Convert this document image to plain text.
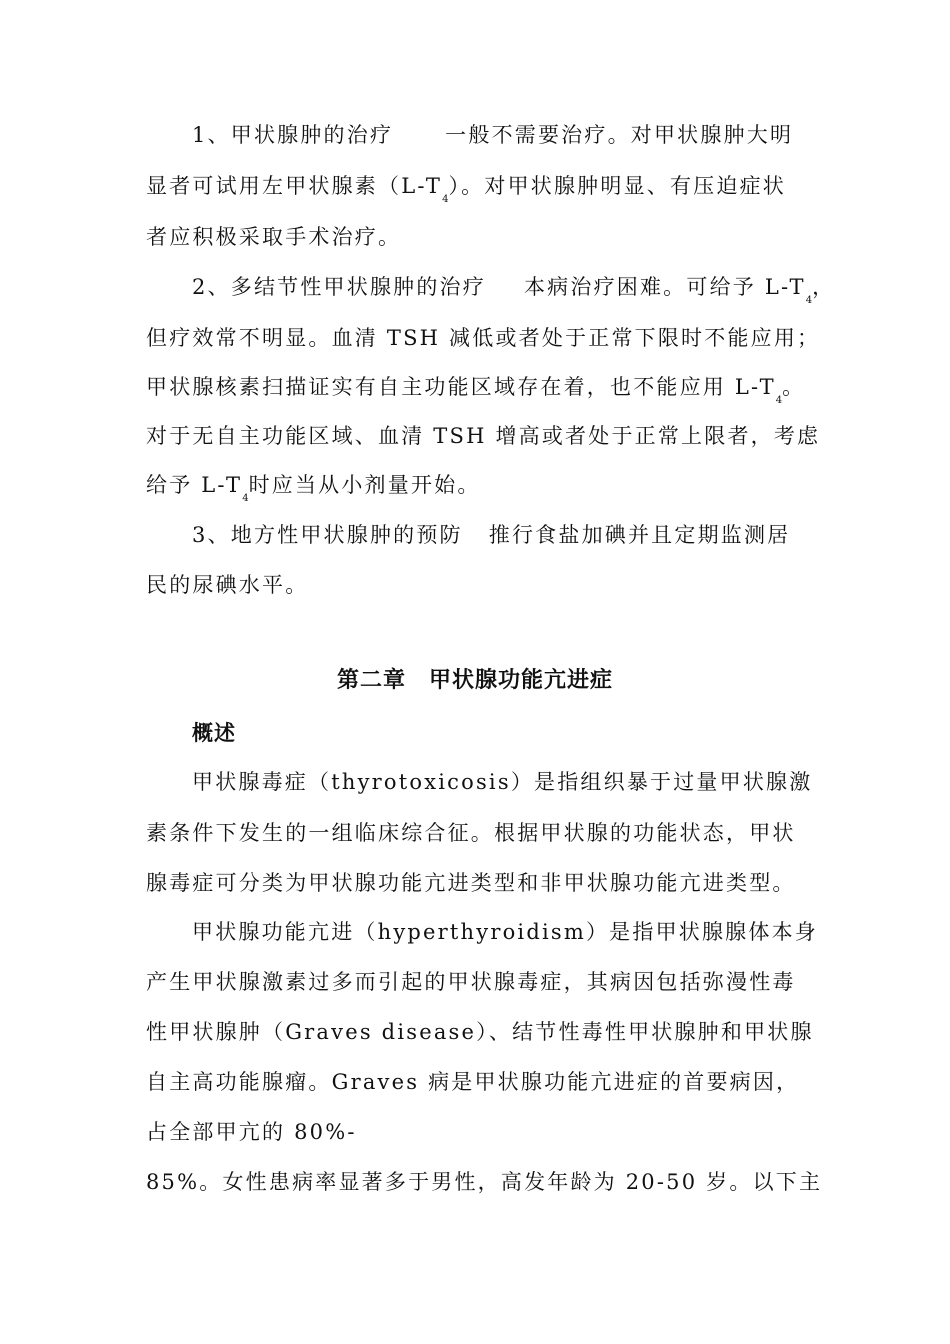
1、甲状腺肿的治疗 一般不需要治疗。对甲状腺肿大明
显者可试用左甲状腺素$(L-T_4)$。对甲状腺肿明显、有压迫症状
者应积极采取手术治疗。
2、多结节性甲状腺肿的治疗 本病治疗困难。可给予 $L-T_4$，
但疗效常不明显。血清 TSH 减低或者处于正常下限时不能应用；
甲状腺核素扫描证实有自主功能区域存在着，也不能应用 $L-T_4$。
对于无自主功能区域、血清 TSH 增高或者处于正常上限者，考虑
给予 $L-T_4$时应当从小剂量开始。
3、地方性甲状腺肿的预防 推行食盐加碘并且定期监测居
民的尿碘水平。
第二章　甲状腺功能亢进症
概述
甲状腺毒症（thyrotoxicosis）是指组织暴于过量甲状腺激
素条件下发生的一组临床综合征。根据甲状腺的功能状态，甲状
腺毒症可分类为甲状腺功能亢进类型和非甲状腺功能亢进类型。
甲状腺功能亢进（hyperthyroidism）是指甲状腺腺体本身
产生甲状腺激素过多而引起的甲状腺毒症，其病因包括弥漫性毒
性甲状腺肿（Graves disease）、结节性毒性甲状腺肿和甲状腺
自主高功能腺瘤。Graves 病是甲状腺功能亢进症的首要病因，
占全部甲亢的 80%-
85%。女性患病率显著多于男性，高发年龄为 20-50 岁。以下主
